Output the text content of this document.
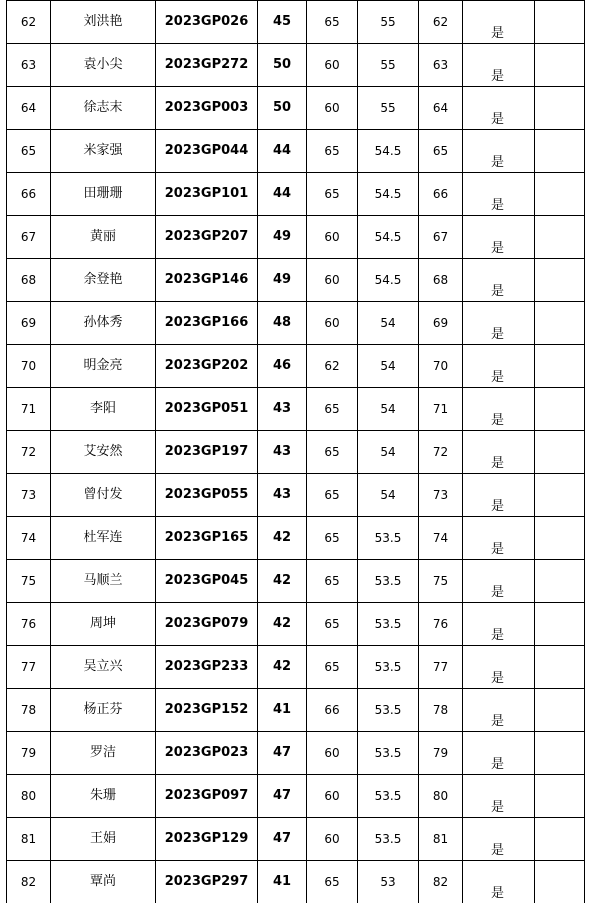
62	刘洪艳	2023GP026	45	65	55	62	是	
63	袁小尖	2023GP272	50	60	55	63	是	
64	徐志末	2023GP003	50	60	55	64	是	
65	米家强	2023GP044	44	65	54.5	65	是	
66	田珊珊	2023GP101	44	65	54.5	66	是	
67	黄丽	2023GP207	49	60	54.5	67	是	
68	余登艳	2023GP146	49	60	54.5	68	是	
69	孙体秀	2023GP166	48	60	54	69	是	
70	明金亮	2023GP202	46	62	54	70	是	
71	李阳	2023GP051	43	65	54	71	是	
72	艾安然	2023GP197	43	65	54	72	是	
73	曾付发	2023GP055	43	65	54	73	是	
74	杜军连	2023GP165	42	65	53.5	74	是	
75	马顺兰	2023GP045	42	65	53.5	75	是	
76	周坤	2023GP079	42	65	53.5	76	是	
77	吴立兴	2023GP233	42	65	53.5	77	是	
78	杨正芬	2023GP152	41	66	53.5	78	是	
79	罗洁	2023GP023	47	60	53.5	79	是	
80	朱珊	2023GP097	47	60	53.5	80	是	
81	王娟	2023GP129	47	60	53.5	81	是	
82	覃尚	2023GP297	41	65	53	82	是	
